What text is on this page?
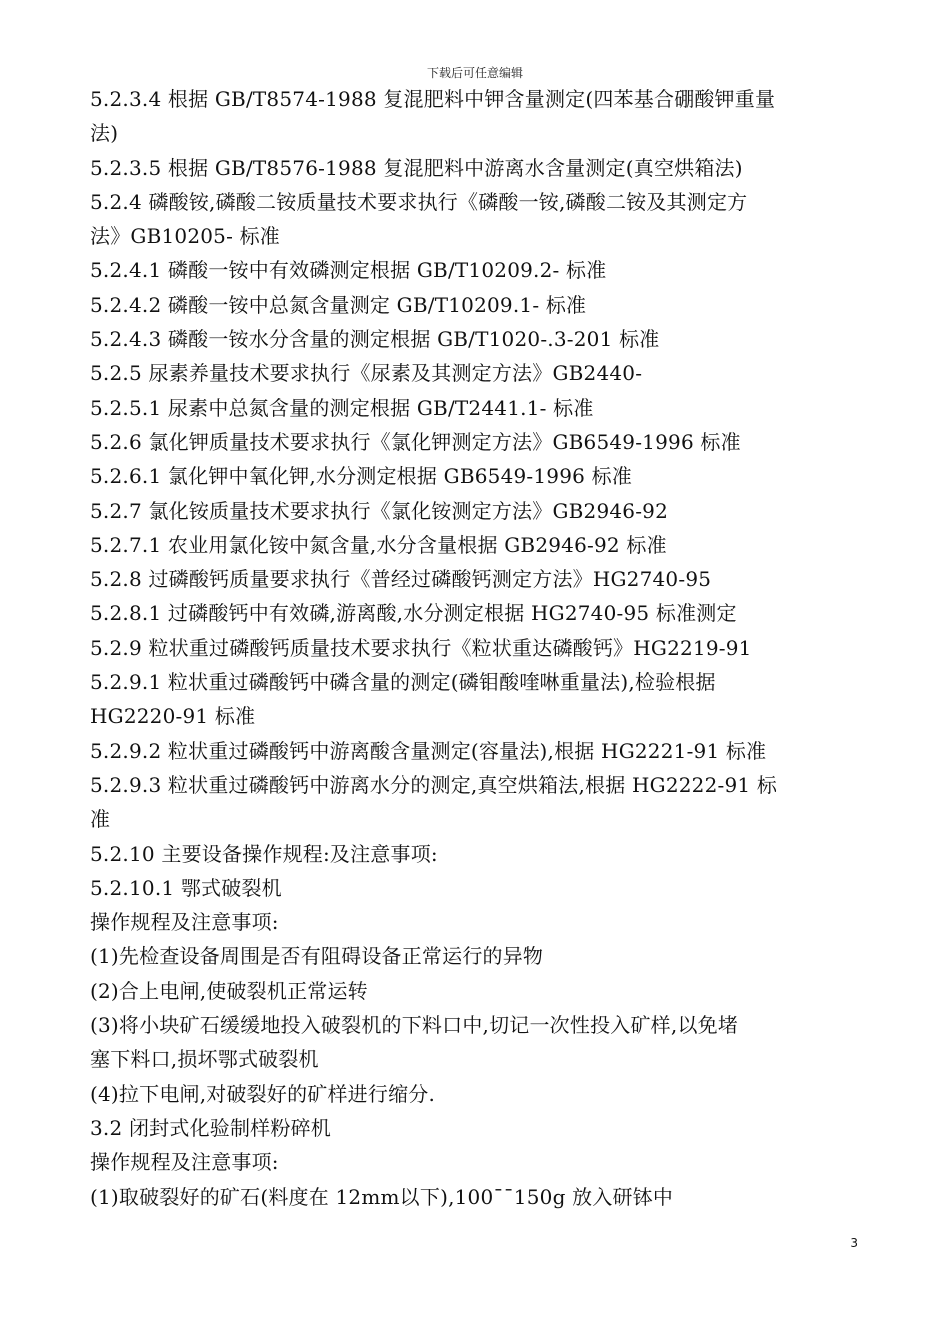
下载后可任意编辑
5.2.3.4 根据 GB/T8574-1988 复混肥料中钾含量测定(四苯基合硼酸钾重量
法)
5.2.3.5 根据 GB/T8576-1988 复混肥料中游离水含量测定(真空烘箱法)
5.2.4 磷酸铵,磷酸二铵质量技术要求执行《磷酸一铵,磷酸二铵及其测定方
法》GB10205- 标准
5.2.4.1 磷酸一铵中有效磷测定根据 GB/T10209.2- 标准
5.2.4.2 磷酸一铵中总氮含量测定 GB/T10209.1- 标准
5.2.4.3 磷酸一铵水分含量的测定根据 GB/T1020-.3-201 标准
5.2.5 尿素养量技术要求执行《尿素及其测定方法》GB2440-
5.2.5.1 尿素中总氮含量的测定根据 GB/T2441.1- 标准
5.2.6 氯化钾质量技术要求执行《氯化钾测定方法》GB6549-1996 标准
5.2.6.1 氯化钾中氧化钾,水分测定根据 GB6549-1996 标准
5.2.7 氯化铵质量技术要求执行《氯化铵测定方法》GB2946-92
5.2.7.1 农业用氯化铵中氮含量,水分含量根据 GB2946-92 标准
5.2.8 过磷酸钙质量要求执行《普经过磷酸钙测定方法》HG2740-95
5.2.8.1 过磷酸钙中有效磷,游离酸,水分测定根据 HG2740-95 标准测定
5.2.9 粒状重过磷酸钙质量技术要求执行《粒状重达磷酸钙》HG2219-91
5.2.9.1 粒状重过磷酸钙中磷含量的测定(磷钼酸喹啉重量法),检验根据
HG2220-91 标准
5.2.9.2 粒状重过磷酸钙中游离酸含量测定(容量法),根据 HG2221-91 标准
5.2.9.3 粒状重过磷酸钙中游离水分的测定,真空烘箱法,根据 HG2222-91 标
准
5.2.10 主要设备操作规程:及注意事项:
5.2.10.1 鄂式破裂机
操作规程及注意事项:
(1)先检查设备周围是否有阻碍设备正常运行的异物
(2)合上电闸,使破裂机正常运转
(3)将小块矿石缓缓地投入破裂机的下料口中,切记一次性投入矿样,以免堵
塞下料口,损坏鄂式破裂机
(4)拉下电闸,对破裂好的矿样进行缩分.
3.2 闭封式化验制样粉碎机
操作规程及注意事项:
(1)取破裂好的矿石(料度在 12mm以下),100¯¯150g 放入研钵中
3
